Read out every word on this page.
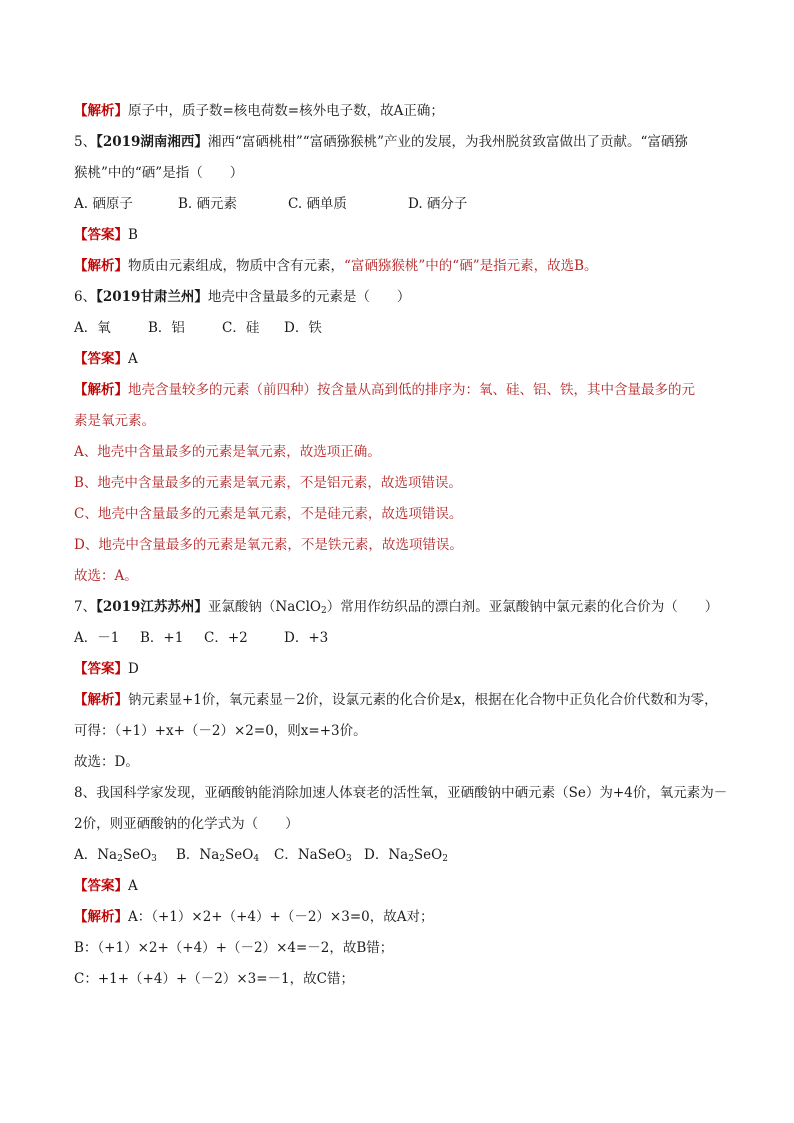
【解析】原子中，质子数=核电荷数=核外电子数，故A正确；
5、【2019湖南湘西】湘西“富硒桃柑”“富硒猕猴桃”产业的发展，为我州脱贫致富做出了贡献。“富硒猕
猴桃”中的“硒”是指（　　）
A. 硒原子	B. 硒元素	C. 硒单质	D. 硒分子
【答案】B
【解析】物质由元素组成，物质中含有元素，“富硒猕猴桃”中的“硒”是指元素，故选B。
6、【2019甘肃兰州】地壳中含量最多的元素是（　　）
A．氧	B．铝	C．硅 D．铁
【答案】A
【解析】地壳含量较多的元素（前四种）按含量从高到低的排序为：氧、硅、铝、铁，其中含量最多的元
素是氧元素。
A、地壳中含量最多的元素是氧元素，故选项正确。
B、地壳中含量最多的元素是氧元素，不是铝元素，故选项错误。
C、地壳中含量最多的元素是氧元素，不是硅元素，故选项错误。
D、地壳中含量最多的元素是氧元素，不是铁元素，故选项错误。
故选：A。
7、【2019江苏苏州】亚氯酸钠（NaClO$_2$）常用作纺织品的漂白剂。亚氯酸钠中氯元素的化合价为（　　）
A．－1 B．+1 C．+2	D．+3
【答案】D
【解析】钠元素显+1价，氧元素显－2价，设氯元素的化合价是x，根据在化合物中正负化合价代数和为零，
可得：（+1）+x+（－2）×2=0，则x=+3价。
故选：D。
8、我国科学家发现，亚硒酸钠能消除加速人体衰老的活性氧，亚硒酸钠中硒元素（Se）为+4价，氧元素为－
2价，则亚硒酸钠的化学式为（　　）
A．$Na_2SeO_3$ B．$Na_2SeO_4$ C．NaSeO$_3$ D．$Na_2SeO_2$
【答案】A
【解析】A：（+1）×2+（+4）+（－2）×3=0，故A对；
B：（+1）×2+（+4）+（－2）×4=－2，故B错；
C：+1+（+4）+（－2）×3=－1，故C错；
